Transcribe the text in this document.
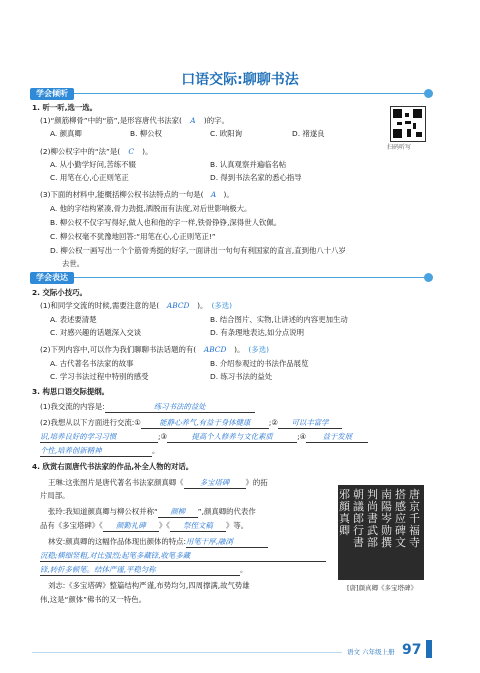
口语交际:聊聊书法
学会倾听
1. 听一听,选一选。
(1)“颜筋柳骨”中的“筋”,是形容唐代书法家( A )的字。
A. 颜真卿	B. 柳公权	C. 欧阳询	D. 褚遂良
(2)柳公权字中的“法”是( C )。
A. 从小勤学好问,苦练不辍	B. 认真观察并遍临名帖
C. 用笔在心,心正则笔正	D. 得到书法名家的悉心指导
(3)下面的材料中,能概括柳公权书法特点的一句是( A )。
A. 他的字结构紧凑,骨力劲挺,洒脱而有法度,对后世影响极大。
B. 柳公权不仅字写得好,做人也和他的字一样,铁骨铮铮,深得世人钦佩。
C. 柳公权毫不犹豫地回答:“用笔在心,心正则笔正!”
D. 柳公权一画写出一个个筋骨秀挺的好字,一面讲出一句句有利国家的直言,直到他八十八岁
去世。
扫码听写
学会表达
2. 交际小技巧。
(1)和同学交流的时候,需要注意的是( ABCD )。 (多选)
A. 表述要清楚	B. 结合图片、实物,让讲述的内容更加生动
C. 对感兴趣的话题深入交谈	D. 有条理地表达,如分点说明
(2)下列内容中,可以作为我们聊聊书法话题的有( ABCD )。 (多选)
A. 古代著名书法家的故事	B. 介绍参观过的书法作品展览
C. 学习书法过程中特别的感受	D. 练习书法的益处
3. 构思口语交际提纲。
(1)我交流的内容是:	练习书法的益处
(2)我想从以下方面进行交流:① 能静心养气,有益于身体健康 ;② 可以丰富学
识,培养良好的学习习惯	;③	提高个人修养与文化素质	;④ 益于发展
个性,培养创新精神	。
4. 欣赏右面唐代书法家的作品,补全人物的对话。
王琳:这张图片是唐代著名书法家颜真卿《 多宝塔碑 》的拓
片局部。
张玲:我知道颜真卿与柳公权并称“ 颜柳 ”,颜真卿的代表作
品有《多宝塔碑》《 颜勤礼碑 》《 祭侄文稿 》等。
林安:颜真卿的这幅作品体现出颜体的特点:用笔干厚,融浏
沉稳;横细竖粗,对比强烈;起笔多藏锋,收笔多藏
锋,转折多顿笔。结体严谨,平稳匀称	。
刘志:《多宝塔碑》整篇结构严谨,布势均匀,四周撑满,故气势雄
伟,这是“颜体”佛书的又一特色。
唐
京
千
福
寺
搭
感
应
碑
文
南
陽
岑
勋
撰
判
尚
書
武
部
朝
議
郎
行
書
邪
顔
真
卿
[唐]颜真卿《多宝塔碑》
语文 六年级上册 97
